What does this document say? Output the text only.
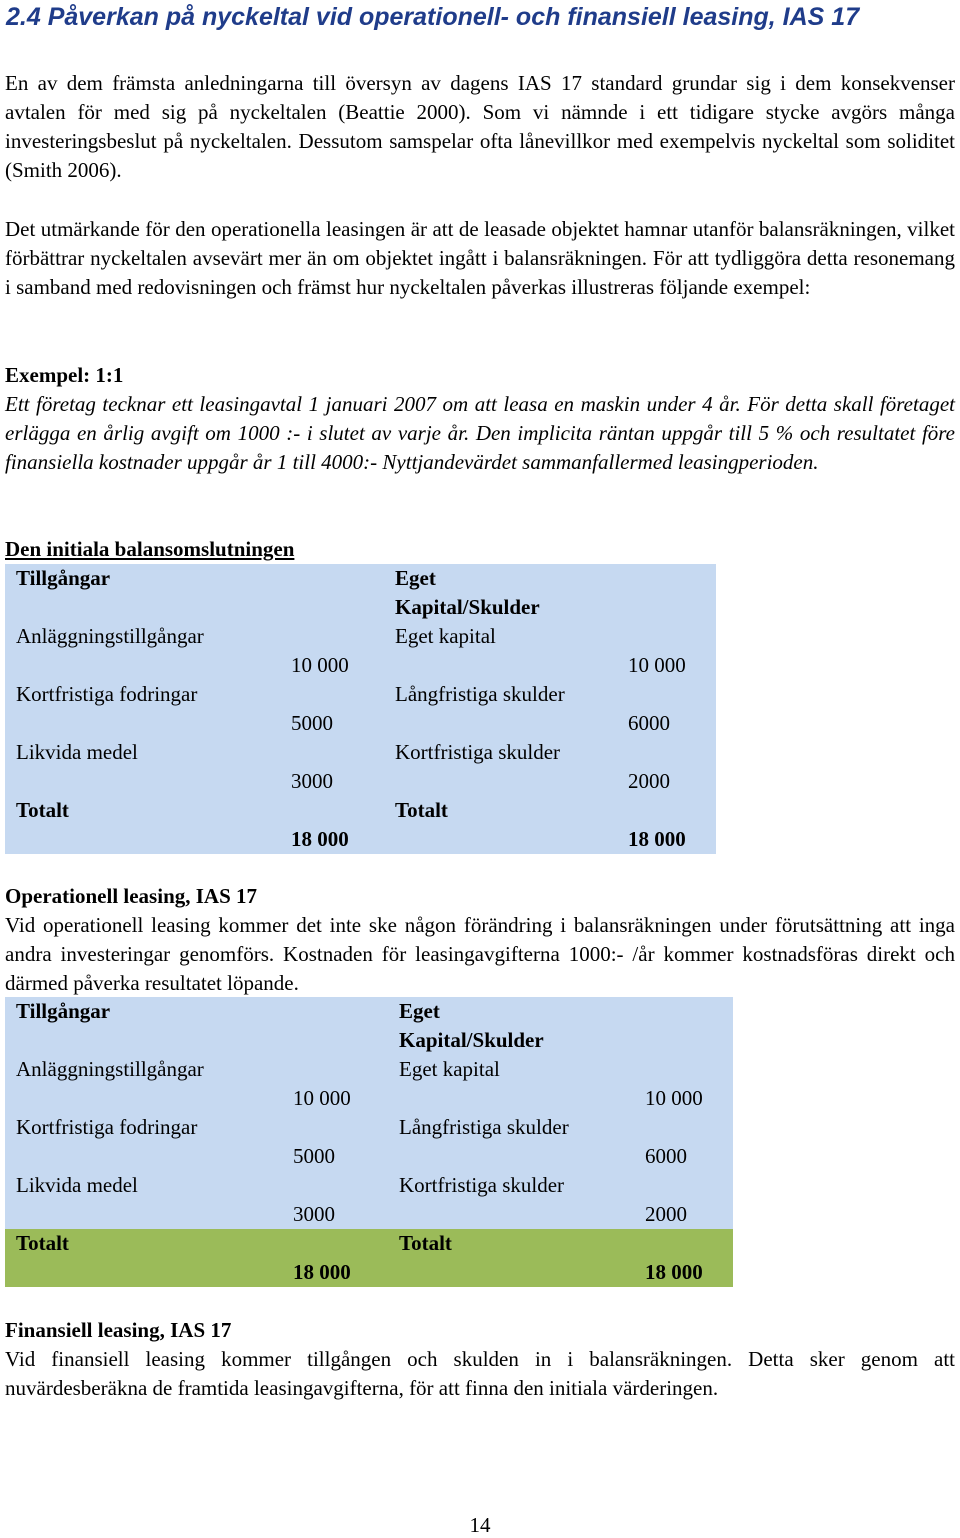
2.4 Påverkan på nyckeltal vid operationell- och finansiell leasing, IAS 17

En av dem främsta anledningarna till översyn av dagens IAS 17 standard grundar sig i dem konsekvenser avtalen för med sig på nyckeltalen (Beattie 2000). Som vi nämnde i ett tidigare stycke avgörs många investeringsbeslut på nyckeltalen. Dessutom samspelar ofta lånevillkor med exempelvis nyckeltal som soliditet (Smith 2006).

Det utmärkande för den operationella leasingen är att de leasade objektet hamnar utanför balansräkningen, vilket förbättrar nyckeltalen avsevärt mer än om objektet ingått i balansräkningen. För att tydliggöra detta resonemang i samband med redovisningen och främst hur nyckeltalen påverkas illustreras följande exempel:

Exempel: 1:1

Ett företag tecknar ett leasingavtal 1 januari 2007 om att leasa en maskin under 4 år. För detta skall företaget erlägga en årlig avgift om 1000 :- i slutet av varje år. Den implicita räntan uppgår till 5 % och resultatet före finansiella kostnader uppgår år 1 till 4000:- Nyttjandevärdet sammanfallermed leasingperioden.

Den initiala balansomslutningen

Tillgångar	Eget
Kapital/Skulder
Anläggningstillgångar
10 000
Eget kapital
10 000
Kortfristiga fodringar
5000
Långfristiga skulder
6000
Likvida medel
3000
Kortfristiga skulder
2000
Totalt
18 000
Totalt
18 000

Operationell leasing, IAS 17

Vid operationell leasing kommer det inte ske någon förändring i balansräkningen under förutsättning att inga andra investeringar genomförs. Kostnaden för leasingavgifterna 1000:- /år kommer kostnadsföras direkt och därmed påverka resultatet löpande.

Tillgångar	Eget
Kapital/Skulder
Anläggningstillgångar
10 000
Eget kapital
10 000
Kortfristiga fodringar
5000
Långfristiga skulder
6000
Likvida medel
3000
Kortfristiga skulder
2000
Totalt
18 000
Totalt
18 000

Finansiell leasing, IAS 17

Vid finansiell leasing kommer tillgången och skulden in i balansräkningen. Detta sker genom att nuvärdesberäkna de framtida leasingavgifterna, för att finna den initiala värderingen.

14
